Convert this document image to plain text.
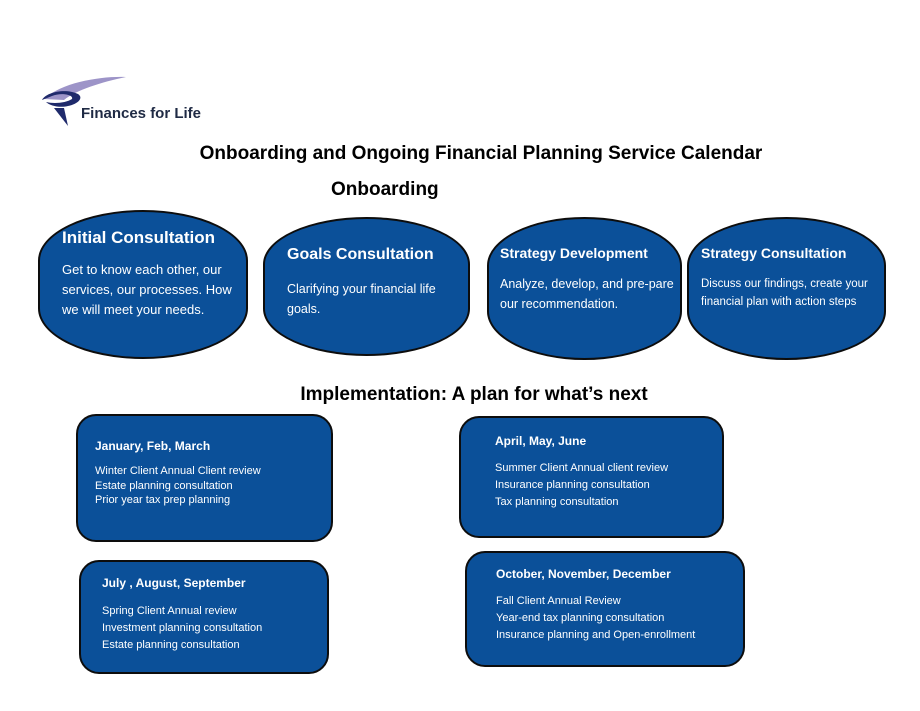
Finances for Life
Onboarding and Ongoing Financial Planning Service Calendar
Onboarding
Initial Consultation
Get to know each other, our services, our processes. How we will meet your needs.
Goals Consultation
Clarifying your financial life goals.
Strategy Development
Analyze, develop, and pre-pare our recommendation.
Strategy Consultation
Discuss our findings, create your financial plan with action steps
Implementation: A plan for what’s next
January, Feb, March
Winter Client Annual Client review
Estate planning consultation
Prior year tax prep planning
April, May, June
Summer Client Annual client review
Insurance planning consultation
Tax planning consultation
July , August, September
Spring Client Annual review
Investment planning consultation
Estate planning consultation
October, November, December
Fall Client Annual Review
Year-end tax planning consultation
Insurance planning and Open-enrollment
